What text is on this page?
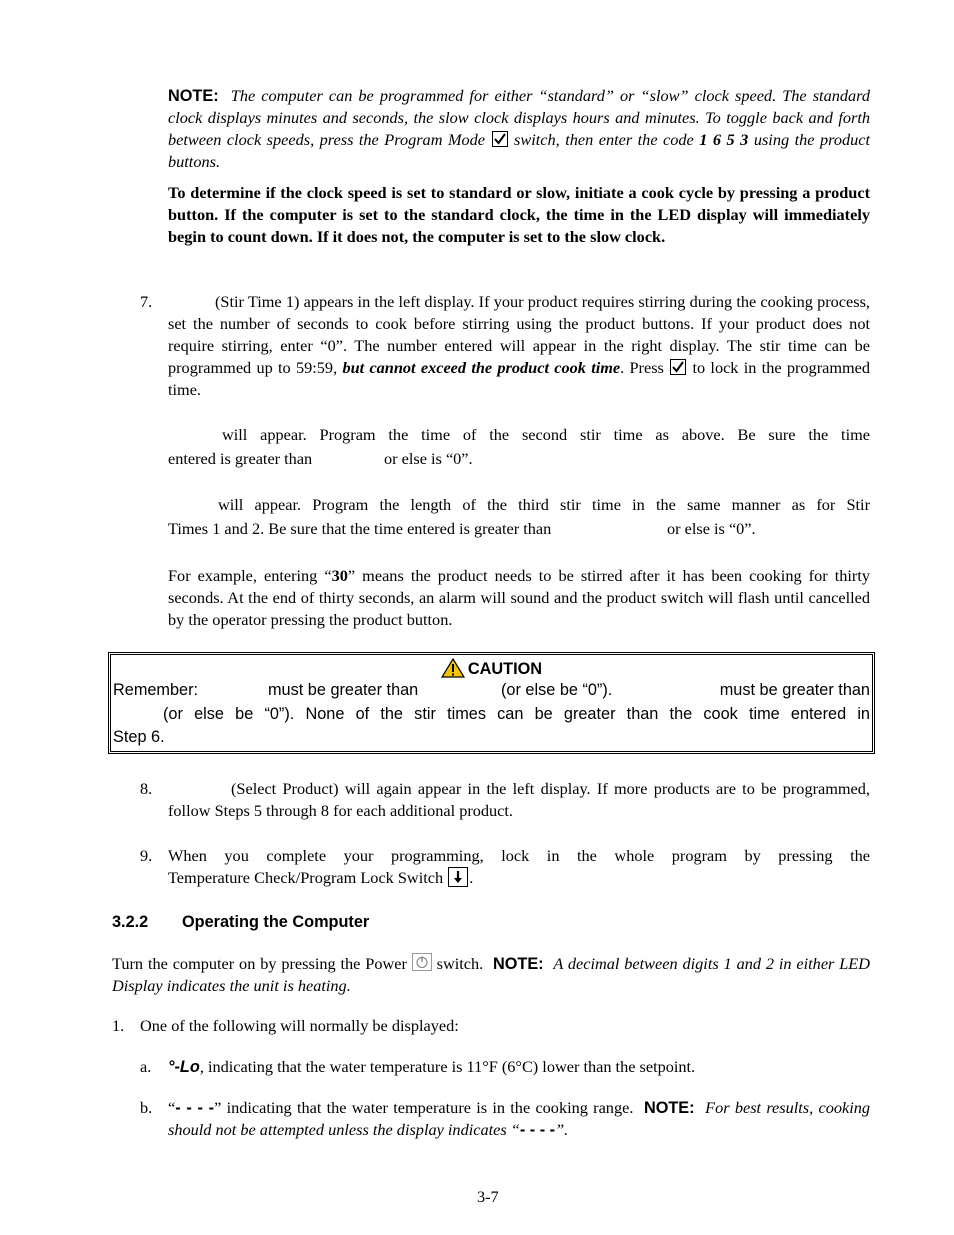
NOTE: The computer can be programmed for either “standard” or “slow” clock speed. The standard clock displays minutes and seconds, the slow clock displays hours and minutes. To toggle back and forth between clock speeds, press the Program Mode switch, then enter the code 1 6 5 3 using the product buttons.
To determine if the clock speed is set to standard or slow, initiate a cook cycle by pressing a product button. If the computer is set to the standard clock, the time in the LED display will immediately begin to count down. If it does not, the computer is set to the slow clock.
7.	(Stir Time 1) appears in the left display. If your product requires stirring during the cooking process, set the number of seconds to cook before stirring using the product buttons. If your product does not require stirring, enter “0”. The number entered will appear in the right display. The stir time can be programmed up to 59:59, but cannot exceed the product cook time. Press to lock in the programmed time.
will appear. Program the time of the second stir time as above. Be sure the time
entered is greater than	or else is “0”.
will appear. Program the length of the third stir time in the same manner as for Stir
Times 1 and 2. Be sure that the time entered is greater than	or else is “0”.
For example, entering “30” means the product needs to be stirred after it has been cooking for thirty seconds. At the end of thirty seconds, an alarm will sound and the product switch will flash until cancelled by the operator pressing the product button.
CAUTION
Remember:	must be greater than	(or else be “0”).	must be greater than
(or else be “0”). None of the stir times can be greater than the cook time entered in
Step 6.
8.	(Select Product) will again appear in the left display. If more products are to be programmed, follow Steps 5 through 8 for each additional product.
9. When you complete your programming, lock in the whole program by pressing the
Temperature Check/Program Lock Switch .
3.2.2 Operating the Computer
Turn the computer on by pressing the Power switch. NOTE: A decimal between digits 1 and 2 in either LED Display indicates the unit is heating.
1. One of the following will normally be displayed:
a. °-Lo, indicating that the water temperature is 11°F (6°C) lower than the setpoint.
b. “- - - -” indicating that the water temperature is in the cooking range. NOTE: For best results, cooking should not be attempted unless the display indicates “- - - -”.
3-7
